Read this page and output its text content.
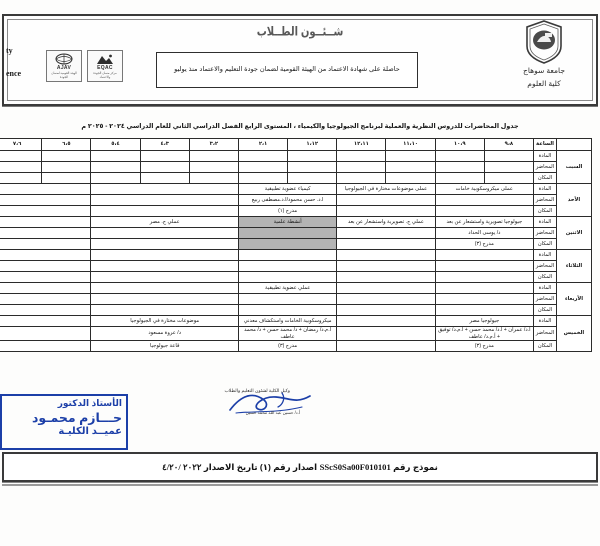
شــئــون الطــلاب
حاصلة على شهادة الاعتماد من الهيئة القومية لضمان جودة التعليم والاعتماد منذ يوليو
EQAC
مركز ضمان الجودة والاعتماد
AJAV
الهيئة القومية لضمان الجودة
ty
ence	جامعة سوهاج
كلية العلوم
جدول المحاضرات للدروس النظرية والعملية لبرنامج الجيولوجيا والكيمياء ، المستوى الرابع الفصل الدراسي الثاني للعام الدراسي ٢٠٢٤ - ٢٠٢٥ م
	الساعة	٩،٨	١٠،٩	١١،١٠	١٢،١١	١،١٢	٢،١	٣،٢	٤،٣	٥،٤	٦،٥	٧،٦
السبت	المادة											
	المحاضر											
	المكان											
الأحد	المادة	عملى ميكروسكوبية خامات		عملى موضوعات مختارة في الجيولوجيا		كيمياء عضوية تطبيقية						
	المحاضر					ا.د. حسن محمود/ا.د.مصطفى ربيع						
	المكان					مدرج (١)						
الاثنين	المادة	جيولوجيا تصويرية واستشعار عن بعد		عملي ج. تصويرية واستشعار عن بعد		أنشطة علمية		عملي ج. مصر				
	المحاضر	د/ يوسى الحداد										
	المكان	مدرج (٣)										
الثلاثاء	المادة											
	المحاضر											
	المكان											
الأربعاء	المادة					عملي عضوية تطبيقية						
	المحاضر											
	المكان											
الخميس	المادة	جيولوجيا مصر				ميكروسكوبية الخامات واستكشاف معدني		موضوعات مختارة في الجيولوجيا				
	المحاضر	أ.د/ عمران + أ.د/ محمد حسن + أ.م.د/ توفيق + أ.م.د/ عاطف				أ.م.د/ رمضان + د/ محمد حسن + د/ محمد عاطف		د/ عروة مسعود				
	المكان	مدرج (٣)				مدرج (٣)		قاعة جيولوجيا				
وكيل الكلية لشئون التعليم والطلاب
أ.د/ حسين عبد الله محمد حسين
الأستاذ الدكتور
حـــازم محمـود
عميــد الكليـة
نموذج رقم SScS0Sa00F010101 اصدار رقم (١) تاريخ الاصدار ٢٠٢٢ /٤/٢٠
